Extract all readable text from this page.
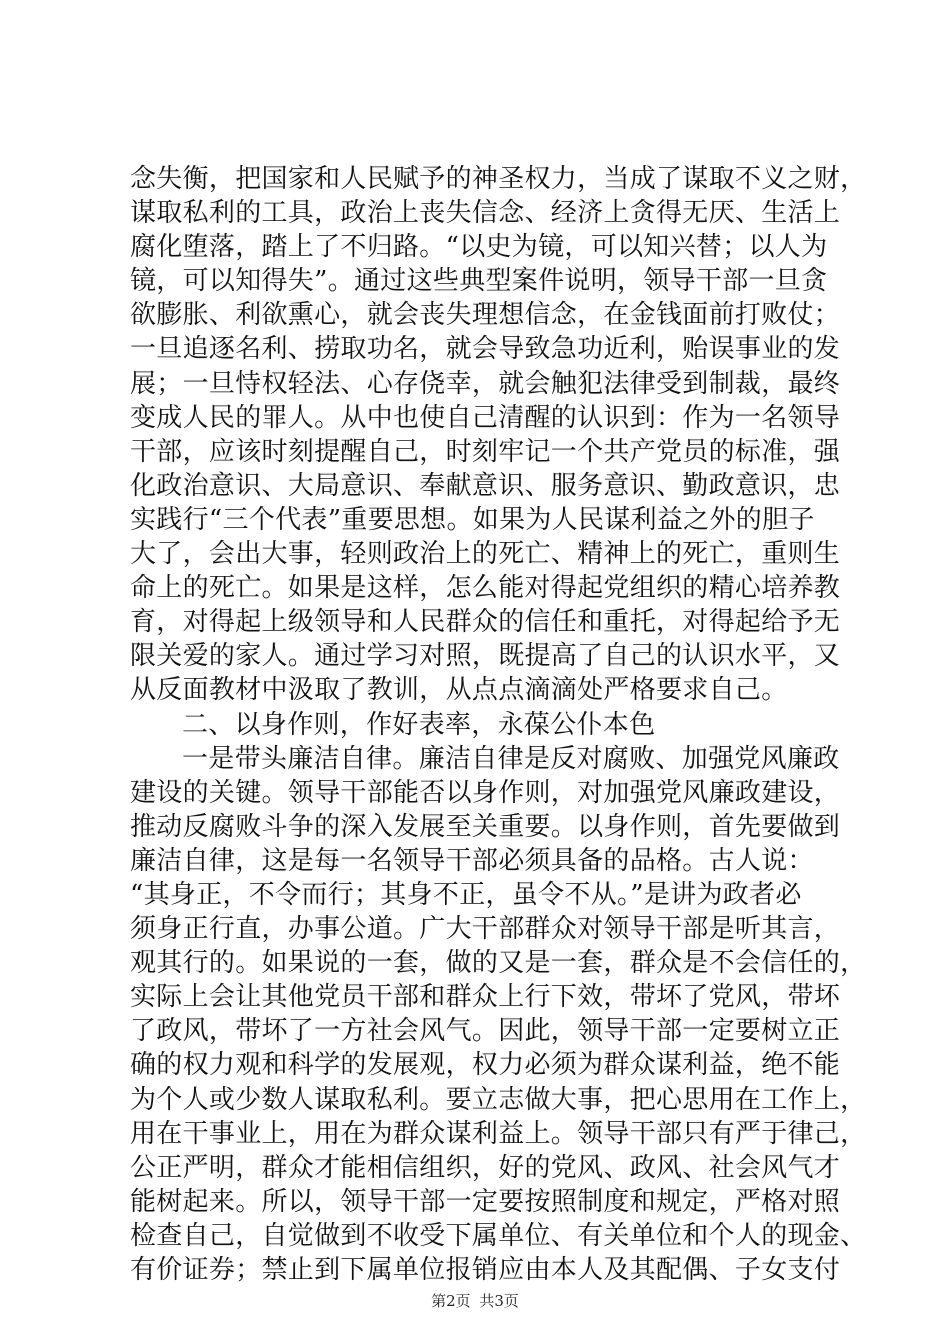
念失衡，把国家和人民赋予的神圣权力，当成了谋取不义之财，
谋取私利的工具，政治上丧失信念、经济上贪得无厌、生活上
腐化堕落，踏上了不归路。“以史为镜，可以知兴替；以人为
镜，可以知得失”。通过这些典型案件说明，领导干部一旦贪
欲膨胀、利欲熏心，就会丧失理想信念，在金钱面前打败仗；
一旦追逐名利、捞取功名，就会导致急功近利，贻误事业的发
展；一旦恃权轻法、心存侥幸，就会触犯法律受到制裁，最终
变成人民的罪人。从中也使自己清醒的认识到：作为一名领导
干部，应该时刻提醒自己，时刻牢记一个共产党员的标准，强
化政治意识、大局意识、奉献意识、服务意识、勤政意识，忠
实践行“三个代表”重要思想。如果为人民谋利益之外的胆子
大了，会出大事，轻则政治上的死亡、精神上的死亡，重则生
命上的死亡。如果是这样，怎么能对得起党组织的精心培养教
育，对得起上级领导和人民群众的信任和重托，对得起给予无
限关爱的家人。通过学习对照，既提高了自己的认识水平，又
从反面教材中汲取了教训，从点点滴滴处严格要求自己。
二、以身作则，作好表率，永葆公仆本色
一是带头廉洁自律。廉洁自律是反对腐败、加强党风廉政
建设的关键。领导干部能否以身作则，对加强党风廉政建设，
推动反腐败斗争的深入发展至关重要。以身作则，首先要做到
廉洁自律，这是每一名领导干部必须具备的品格。古人说：
“其身正，不令而行；其身不正，虽令不从。”是讲为政者必
须身正行直，办事公道。广大干部群众对领导干部是听其言，
观其行的。如果说的一套，做的又是一套，群众是不会信任的，
实际上会让其他党员干部和群众上行下效，带坏了党风，带坏
了政风，带坏了一方社会风气。因此，领导干部一定要树立正
确的权力观和科学的发展观，权力必须为群众谋利益，绝不能
为个人或少数人谋取私利。要立志做大事，把心思用在工作上，
用在干事业上，用在为群众谋利益上。领导干部只有严于律己，
公正严明，群众才能相信组织，好的党风、政风、社会风气才
能树起来。所以，领导干部一定要按照制度和规定，严格对照
检查自己，自觉做到不收受下属单位、有关单位和个人的现金、
有价证券；禁止到下属单位报销应由本人及其配偶、子女支付
第2页 共3页
